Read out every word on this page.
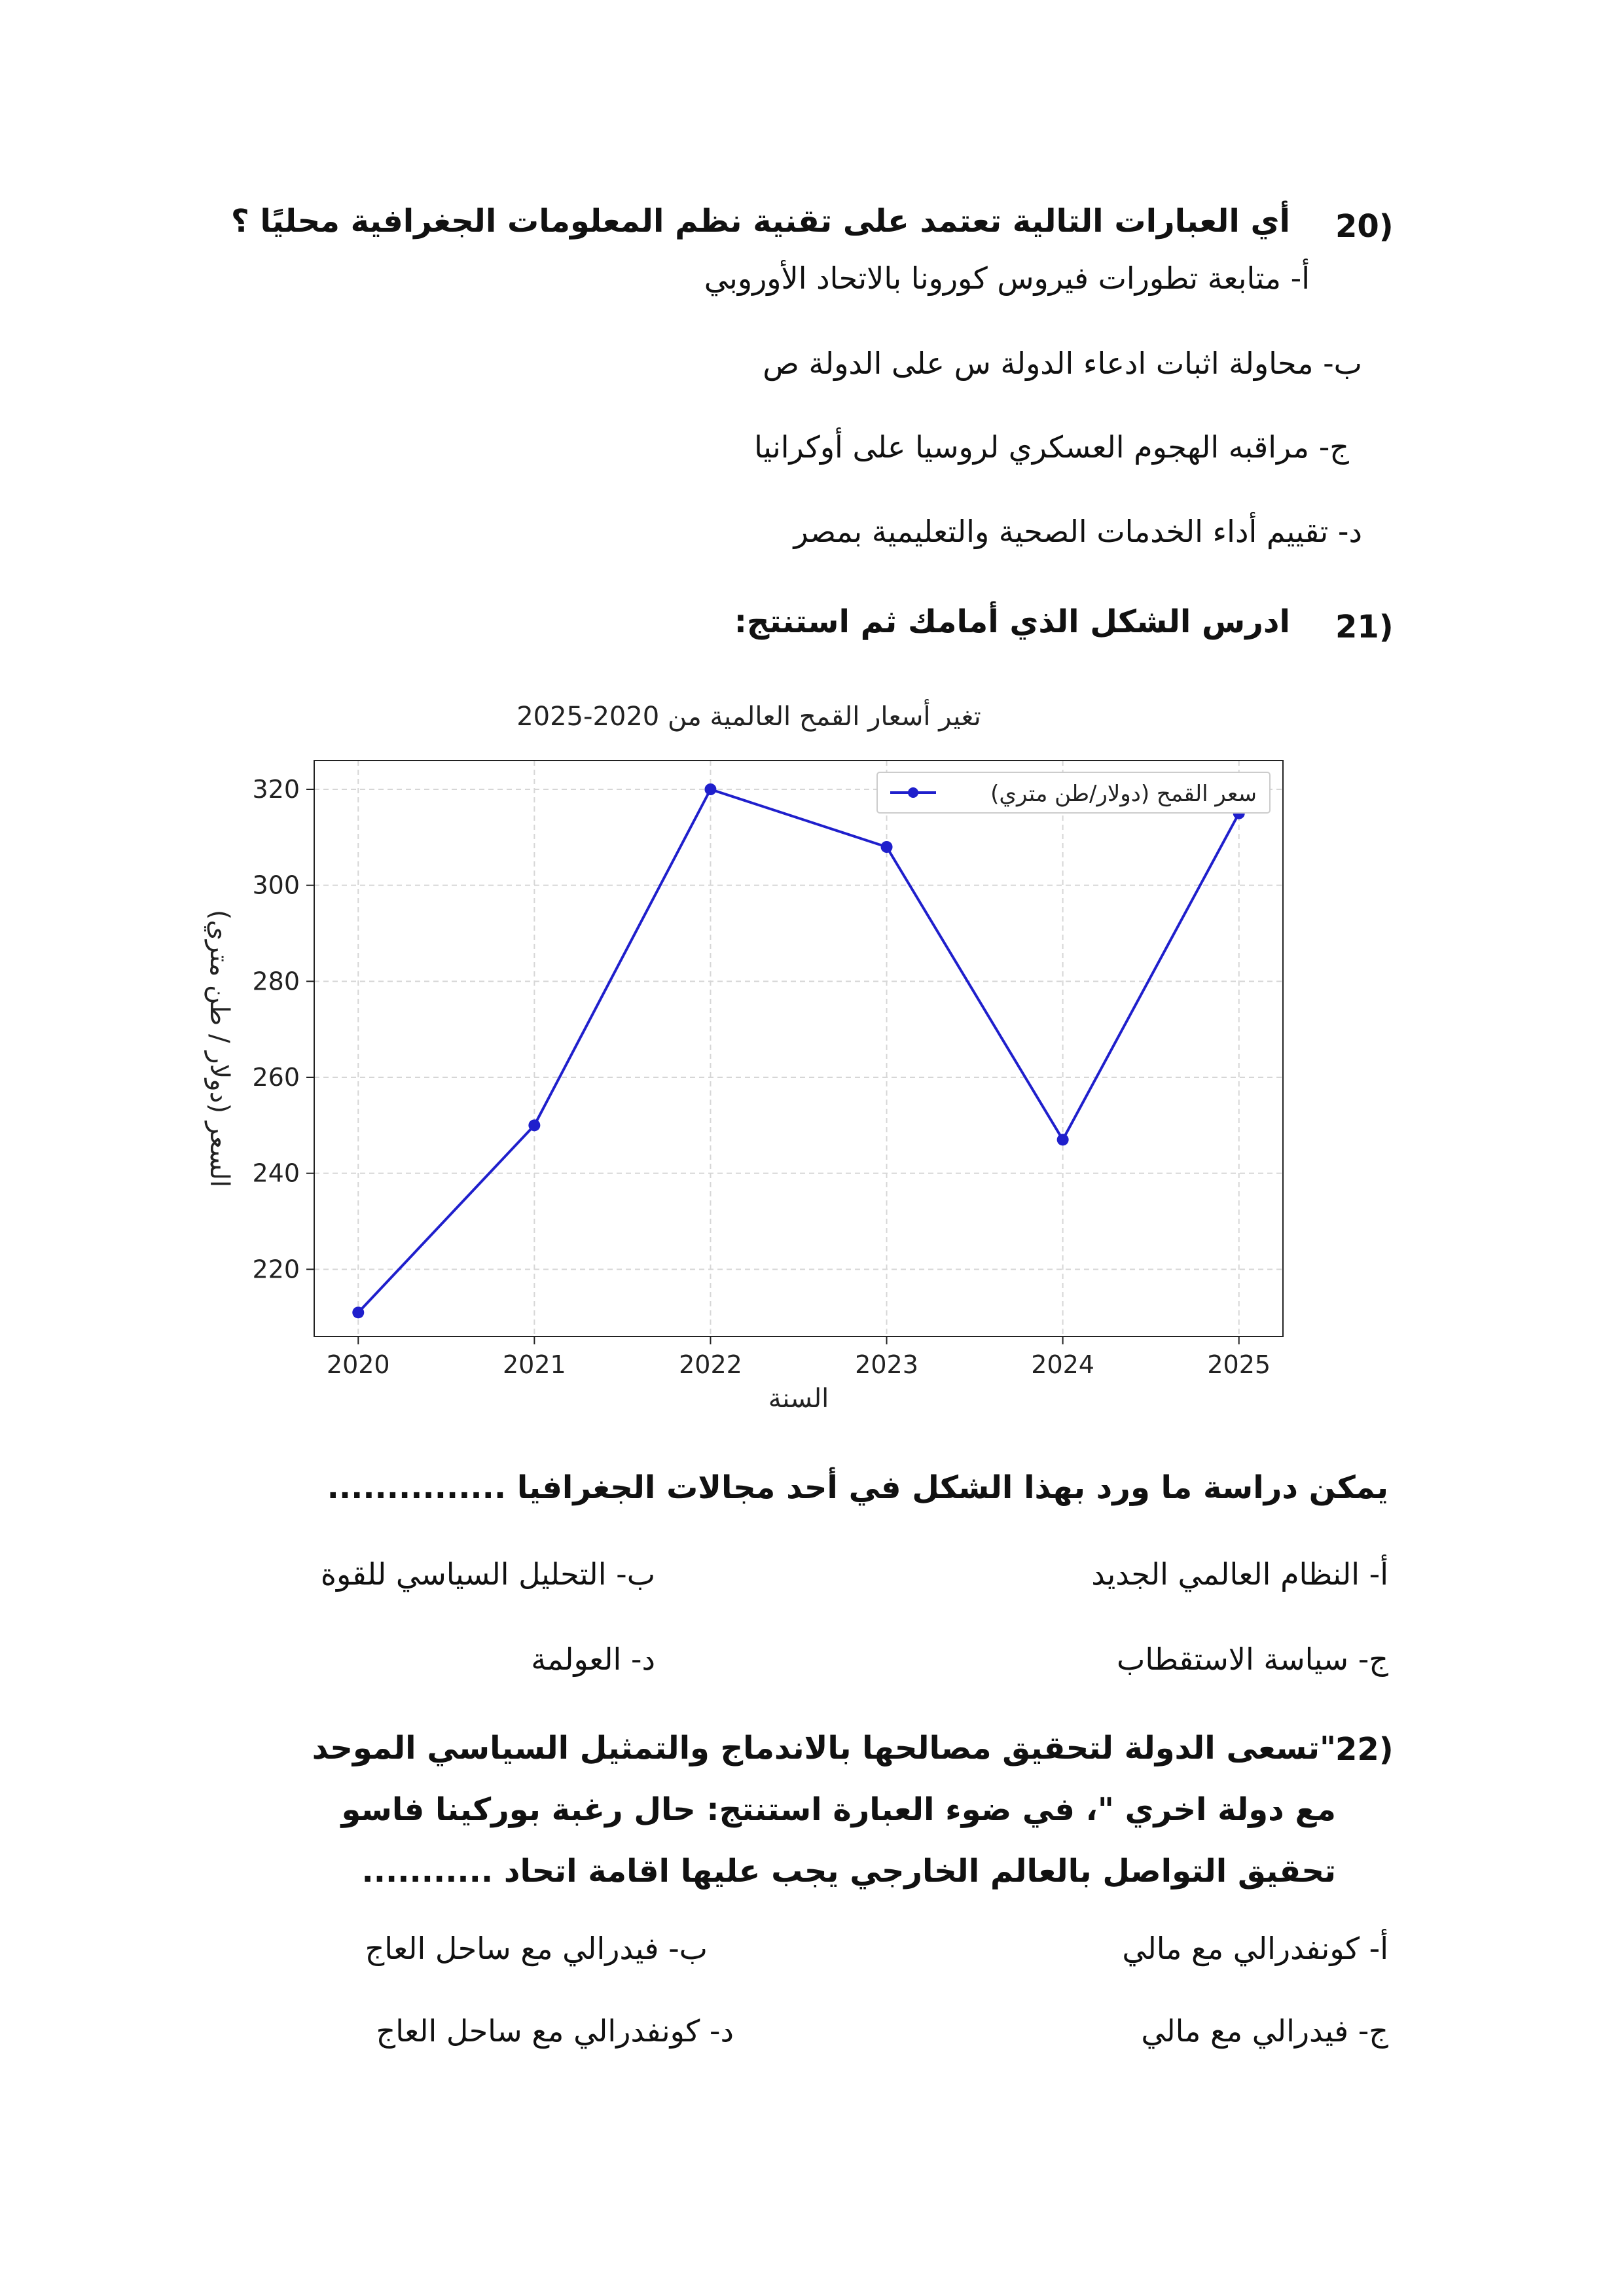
20)
أي العبارات التالية تعتمد على تقنية نظم المعلومات الجغرافية محليًا ؟
أ- متابعة تطورات فيروس كورونا بالاتحاد الأوروبي
ب- محاولة اثبات ادعاء الدولة س على الدولة ص
ج- مراقبه الهجوم العسكري لروسيا على أوكرانيا
د- تقييم أداء الخدمات الصحية والتعليمية بمصر
21)
ادرس الشكل الذي أمامك ثم استنتج:
تغير أسعار القمح العالمية من 2020-2025
2020	2021	2022	2023	2024	2025
220
240
260
280
300
320	سعر القمح (دولار/طن متري)
السنة
السعر (دولار / طن متري)
يمكن دراسة ما ورد بهذا الشكل في أحد مجالات الجغرافيا ...............
أ- النظام العالمي الجديد
ب- التحليل السياسي للقوة
ج- سياسة الاستقطاب
د- العولمة
22)
"تسعى الدولة لتحقيق مصالحها بالاندماج والتمثيل السياسي الموحد مع دولة اخري "، في ضوء العبارة استنتج: حال رغبة بوركينا فاسو تحقيق التواصل بالعالم الخارجي يجب عليها اقامة اتحاد ...........
أ- كونفدرالي مع مالي
ب- فيدرالي مع ساحل العاج
ج- فيدرالي مع مالي
د- كونفدرالي مع ساحل العاج
